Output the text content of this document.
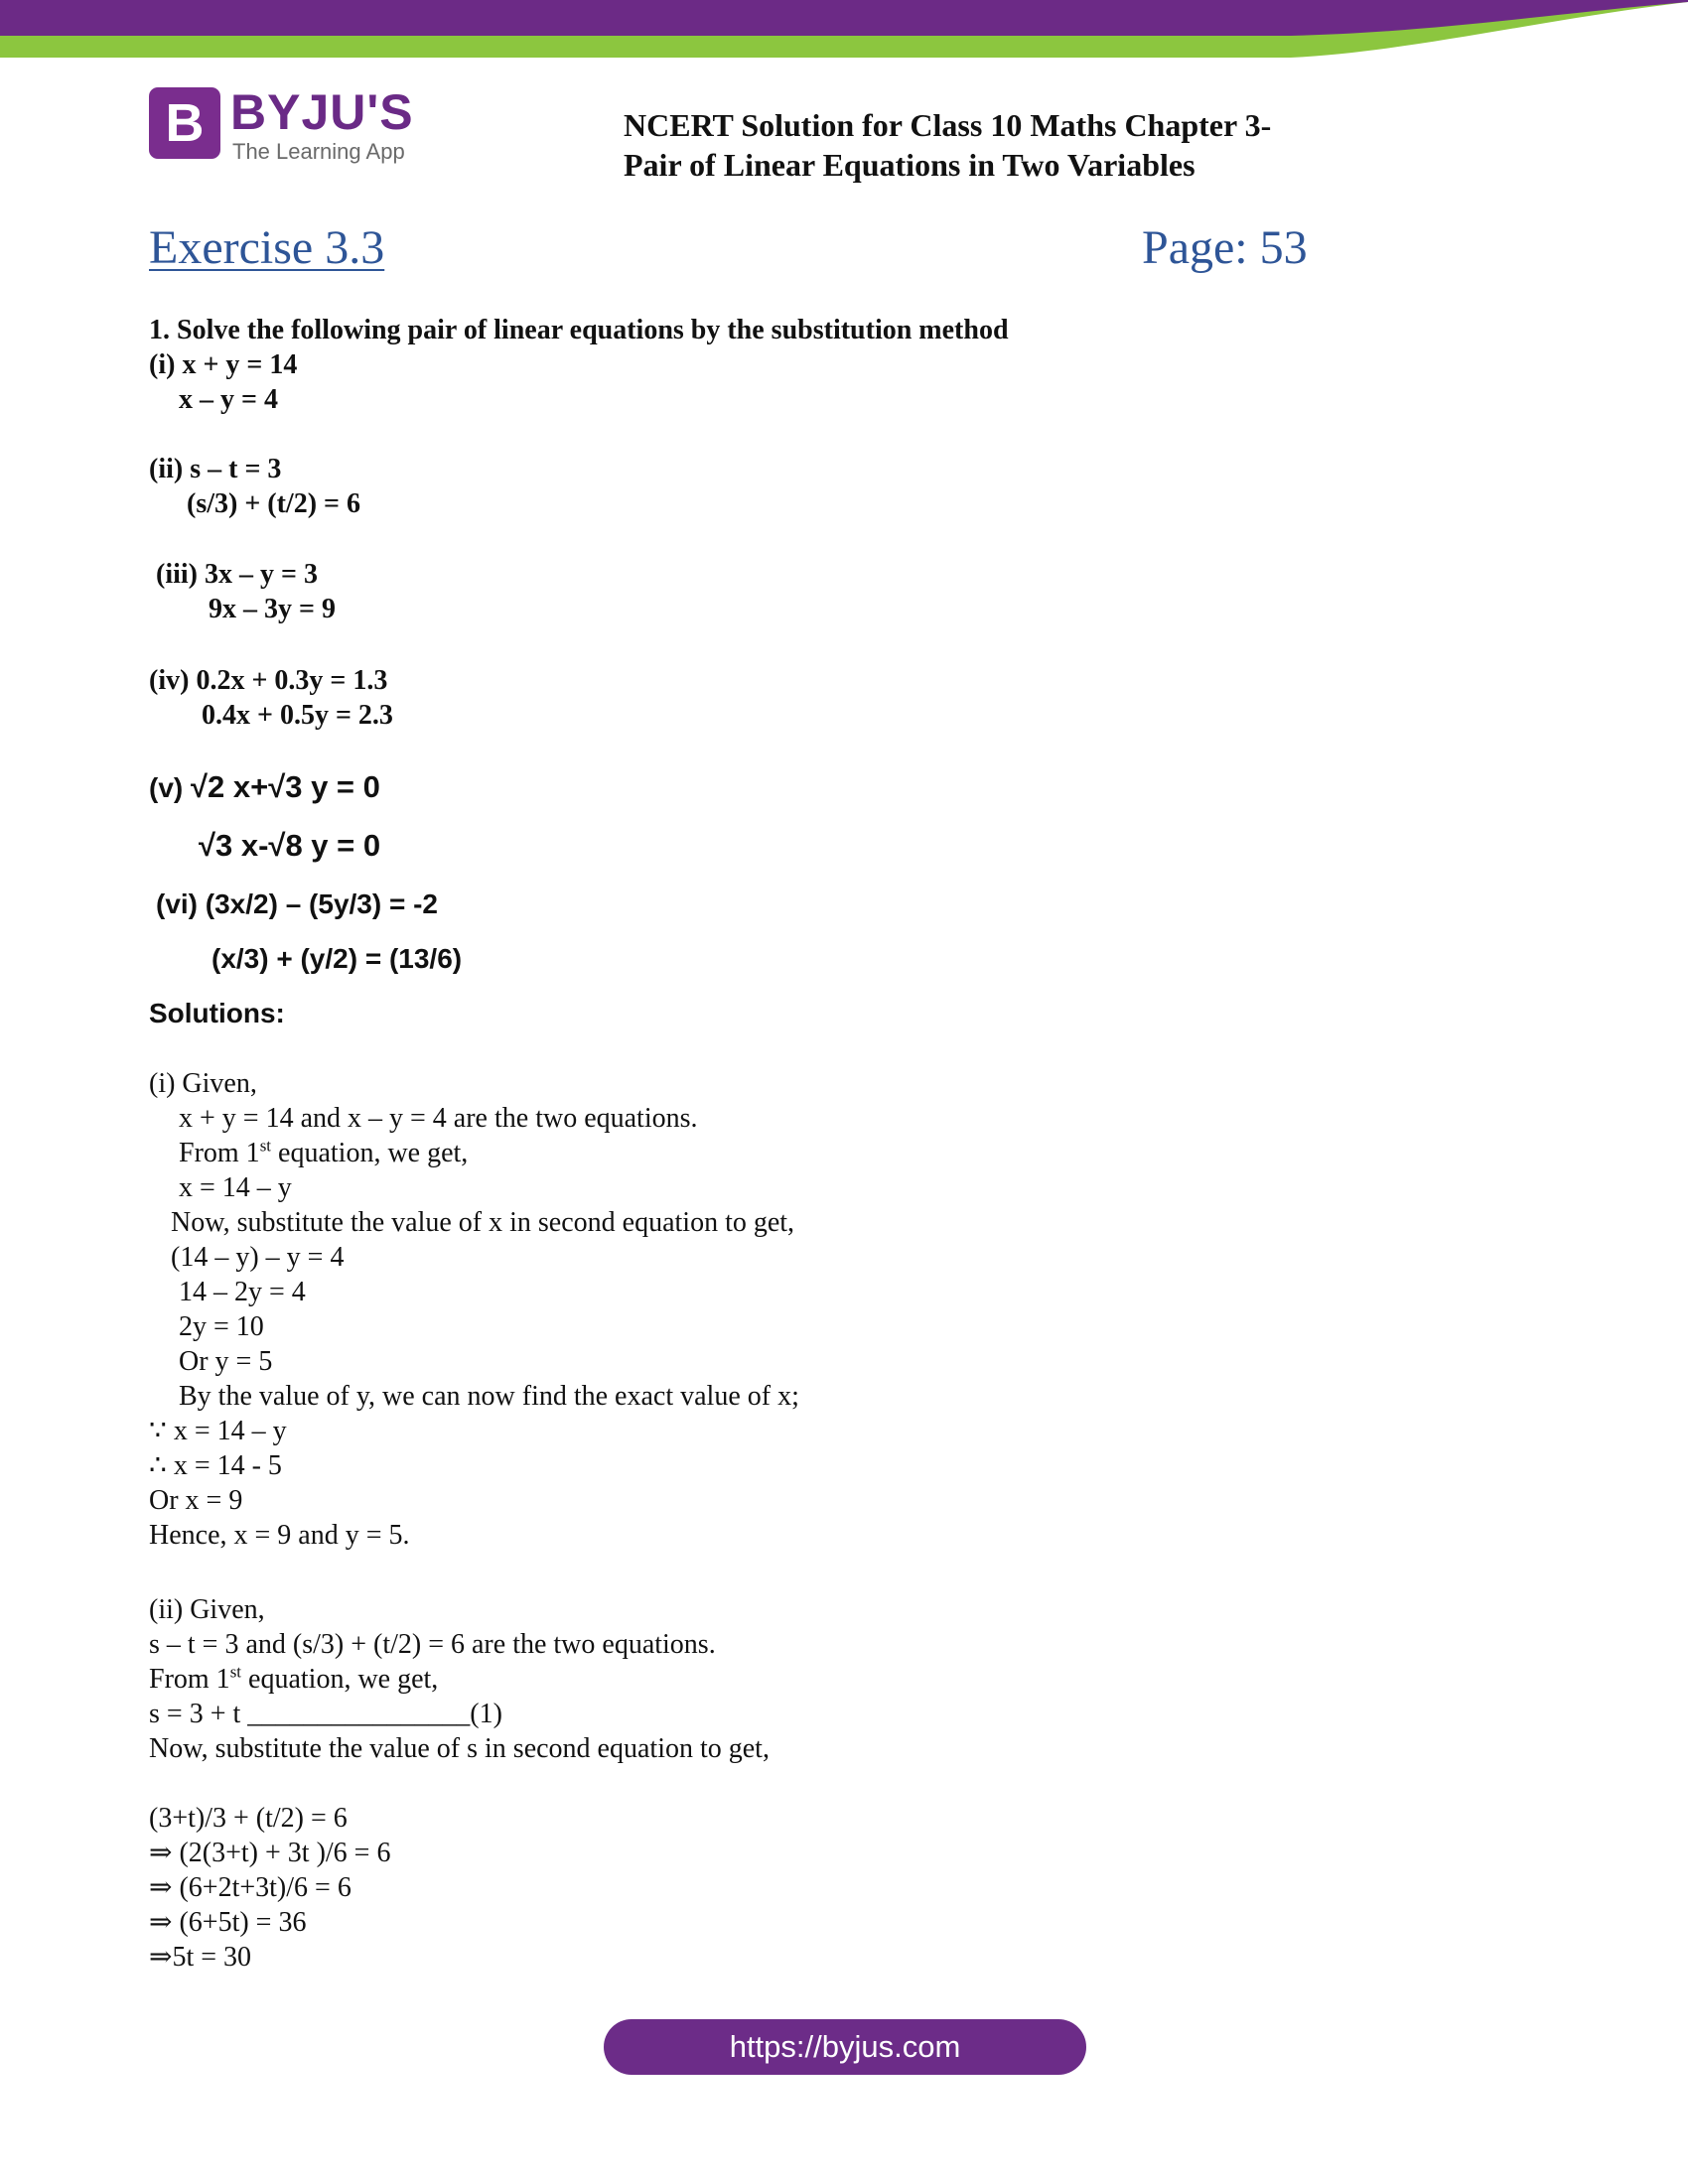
B BYJU'S
The Learning App
NCERT Solution for Class 10 Maths Chapter 3-
Pair of Linear Equations in Two Variables
Exercise 3.3	Page: 53
1. Solve the following pair of linear equations by the substitution method
(i) x + y = 14
x – y = 4
(ii) s – t = 3
(s/3) + (t/2) = 6
(iii) 3x – y = 3
9x – 3y = 9
(iv) 0.2x + 0.3y = 1.3
0.4x + 0.5y = 2.3
(v) √2 x+√3 y = 0
√3 x-√8 y = 0
(vi) (3x/2) – (5y/3) = -2
(x/3) + (y/2) = (13/6)
Solutions:
(i) Given,
x + y = 14 and x – y = 4 are the two equations.
From 1st equation, we get,
x = 14 – y
Now, substitute the value of x in second equation to get,
(14 – y) – y = 4
14 – 2y = 4
2y = 10
Or y = 5
By the value of y, we can now find the exact value of x;
∵ x = 14 – y
∴ x = 14 - 5
Or x = 9
Hence, x = 9 and y = 5.
(ii) Given,
s – t = 3 and (s/3) + (t/2) = 6 are the two equations.
From 1st equation, we get,
s = 3 + t ________________(1)
Now, substitute the value of s in second equation to get,
(3+t)/3 + (t/2) = 6
⇒ (2(3+t) + 3t )/6 = 6
⇒ (6+2t+3t)/6 = 6
⇒ (6+5t) = 36
⇒5t = 30
https://byjus.com
